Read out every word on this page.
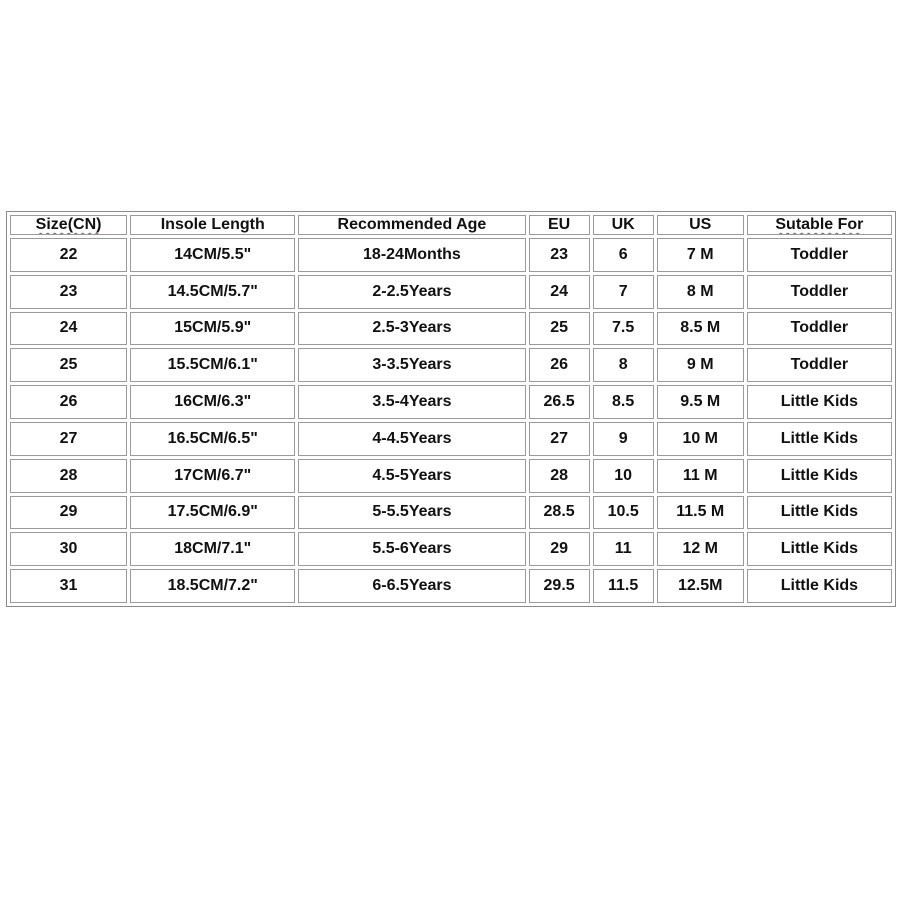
Size(CN)	Insole Length	Recommended Age	EU	UK	US	Sutable For
22	14CM/5.5"	18-24Months	23	6	7 M	Toddler
23	14.5CM/5.7"	2-2.5Years	24	7	8 M	Toddler
24	15CM/5.9"	2.5-3Years	25	7.5	8.5 M	Toddler
25	15.5CM/6.1"	3-3.5Years	26	8	9 M	Toddler
26	16CM/6.3"	3.5-4Years	26.5	8.5	9.5 M	Little Kids
27	16.5CM/6.5"	4-4.5Years	27	9	10 M	Little Kids
28	17CM/6.7"	4.5-5Years	28	10	11 M	Little Kids
29	17.5CM/6.9"	5-5.5Years	28.5	10.5	11.5 M	Little Kids
30	18CM/7.1"	5.5-6Years	29	11	12 M	Little Kids
31	18.5CM/7.2"	6-6.5Years	29.5	11.5	12.5M	Little Kids
